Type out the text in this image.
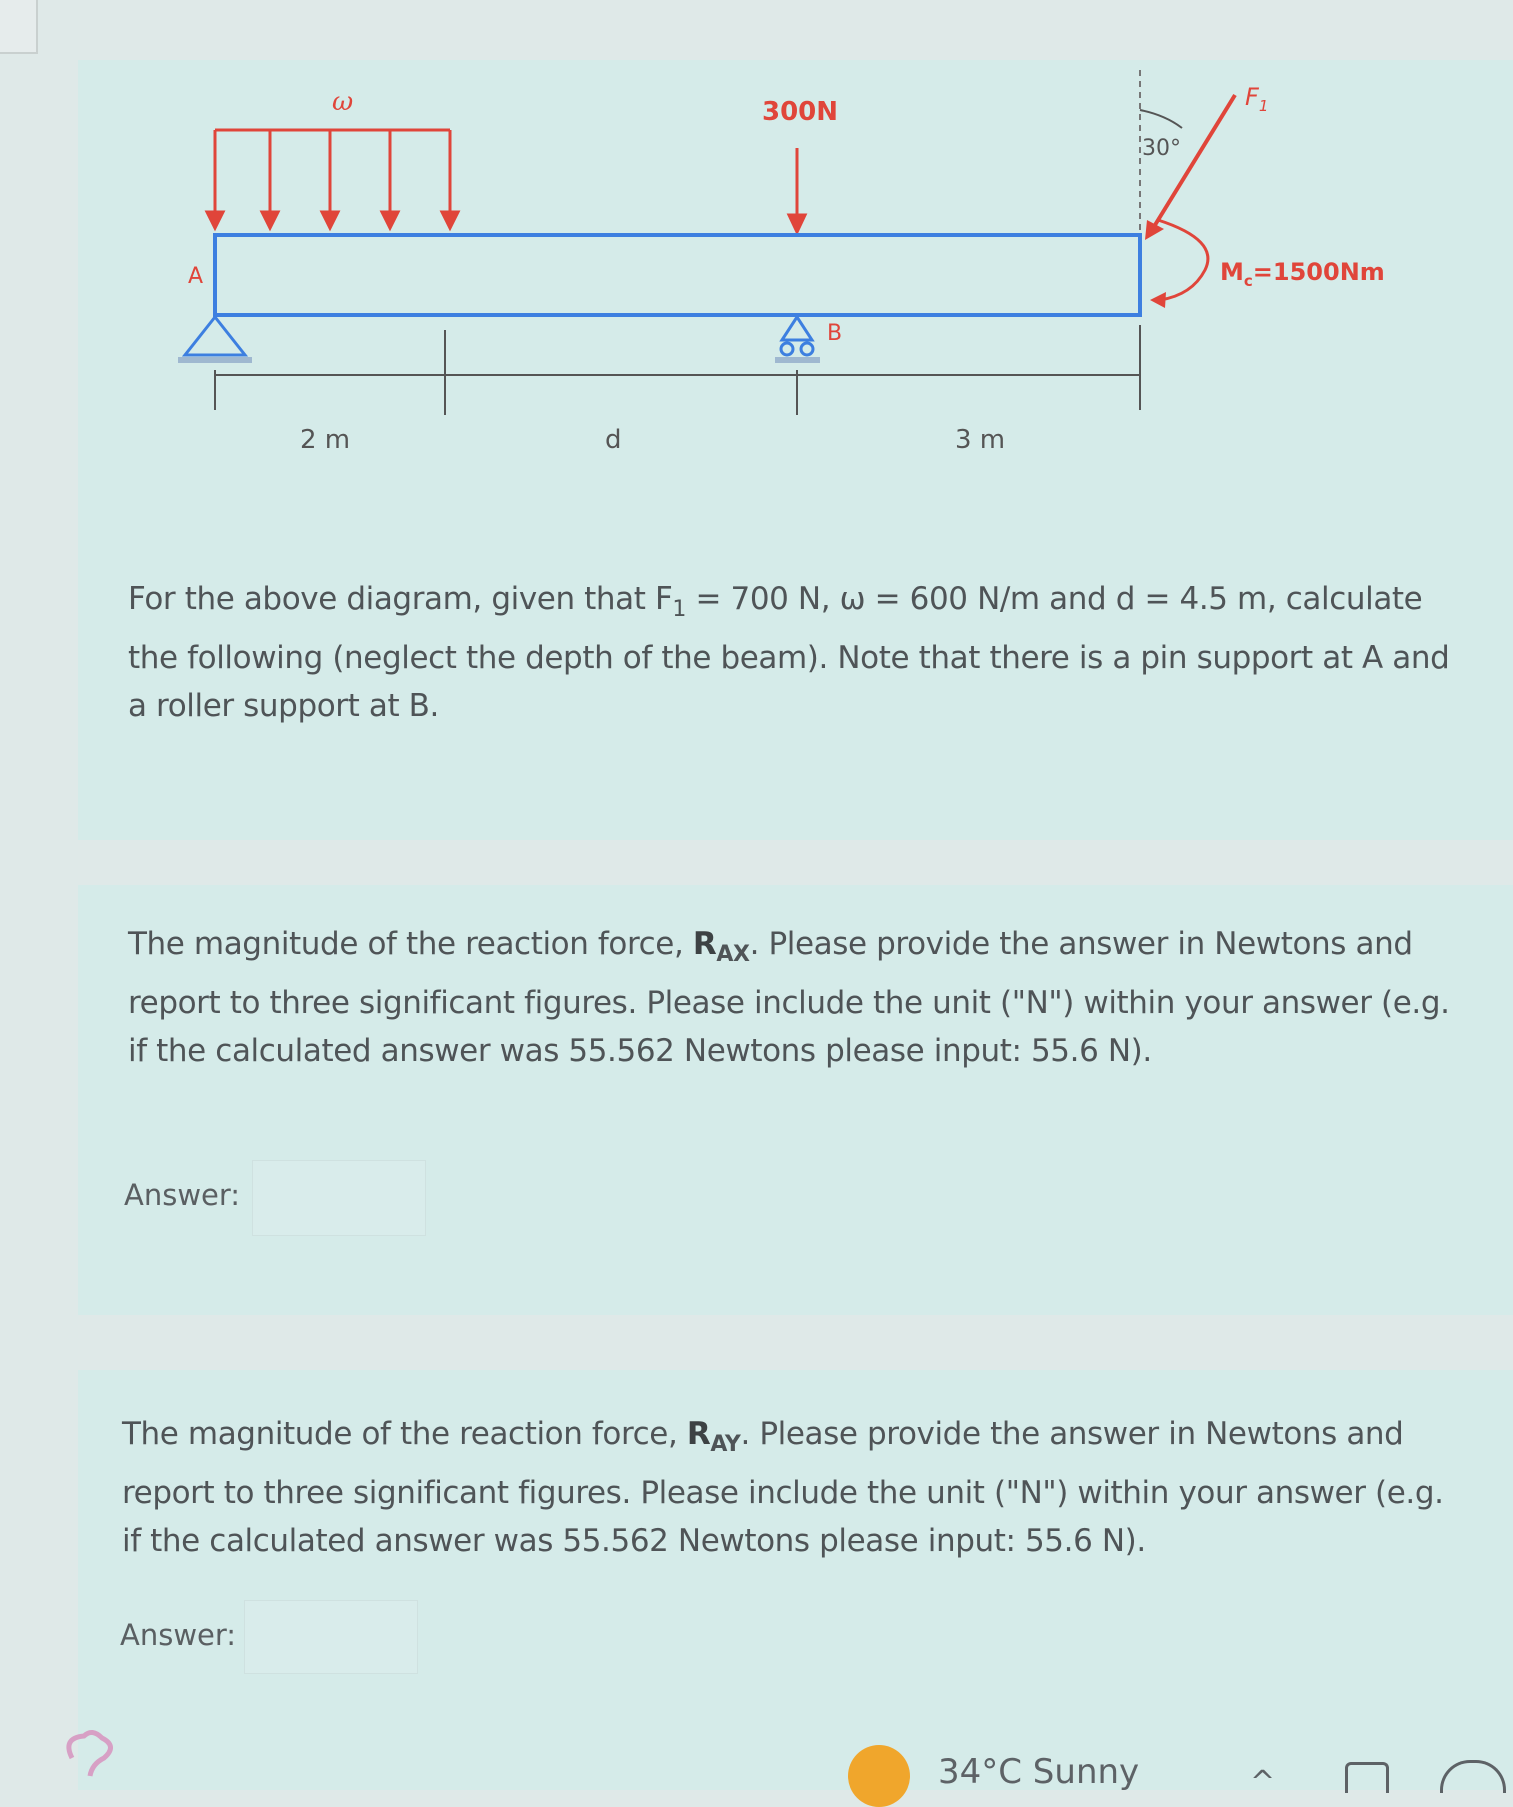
ω	300N
A
B
30°
$F_1$
$M_c=1500Nm$
2 m	d	3 m
For the above diagram, given that $F_1 = 700$ N, ω = 600 N/m and d = 4.5 m, calculate the following (neglect the depth of the beam). Note that there is a pin support at A and a roller support at B.
The magnitude of the reaction force, $R_{AX}$. Please provide the answer in Newtons and report to three significant figures. Please include the unit ("N") within your answer (e.g. if the calculated answer was 55.562 Newtons please input: 55.6 N).
Answer:
The magnitude of the reaction force, $R_{AY}$. Please provide the answer in Newtons and report to three significant figures. Please include the unit ("N") within your answer (e.g. if the calculated answer was 55.562 Newtons please input: 55.6 N).
Answer:
34°C Sunny	^
